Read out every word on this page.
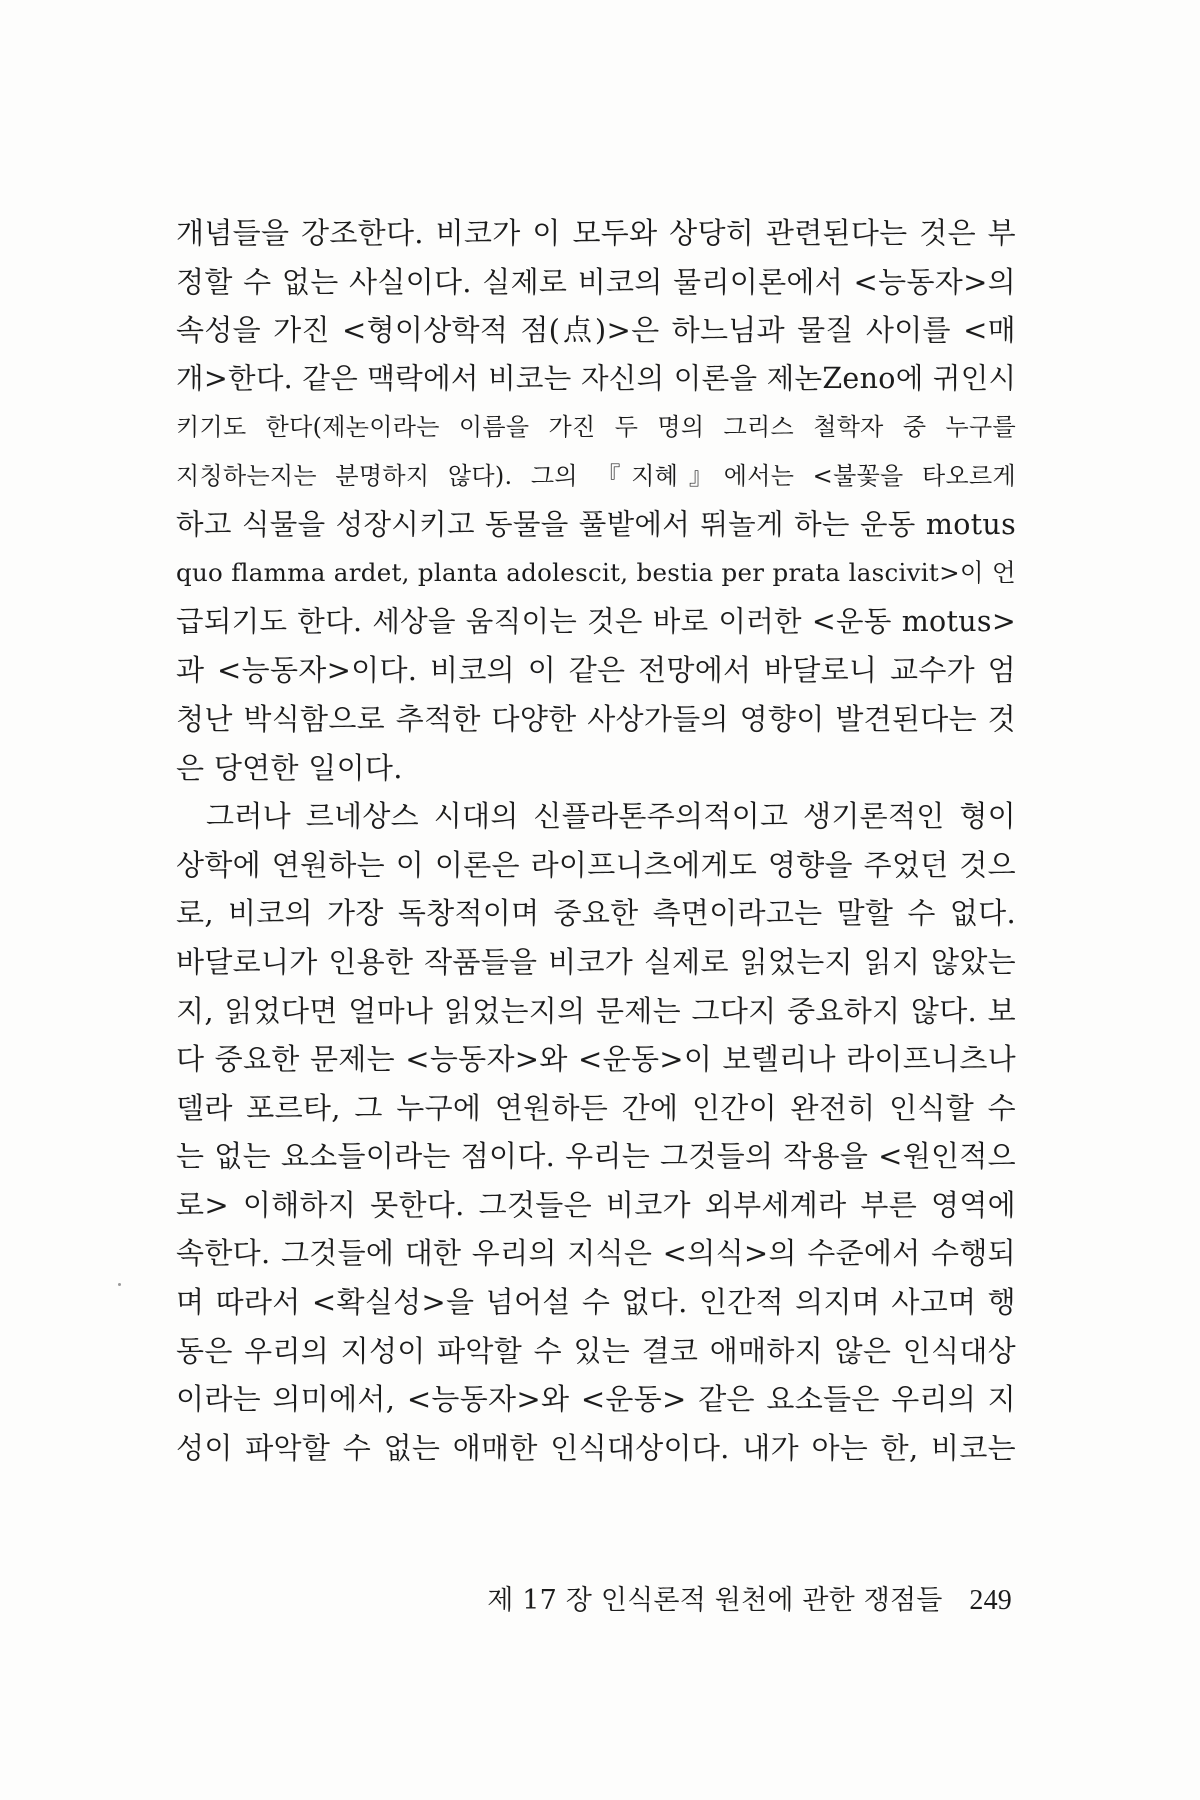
개념들을 강조한다. 비코가 이 모두와 상당히 관련된다는 것은 부
정할 수 없는 사실이다. 실제로 비코의 물리이론에서 <능동자>의
속성을 가진 <형이상학적 점(点)>은 하느님과 물질 사이를 <매
개>한다. 같은 맥락에서 비코는 자신의 이론을 제논Zeno에 귀인시
키기도 한다(제논이라는 이름을 가진 두 명의 그리스 철학자 중 누구를
지칭하는지는 분명하지 않다). 그의 『지혜』에서는 <불꽃을 타오르게
하고 식물을 성장시키고 동물을 풀밭에서 뛰놀게 하는 운동 motus
quo flamma ardet, planta adolescit, bestia per prata lascivit>이 언
급되기도 한다. 세상을 움직이는 것은 바로 이러한 <운동 motus>
과 <능동자>이다. 비코의 이 같은 전망에서 바달로니 교수가 엄
청난 박식함으로 추적한 다양한 사상가들의 영향이 발견된다는 것
은 당연한 일이다.
그러나 르네상스 시대의 신플라톤주의적이고 생기론적인 형이
상학에 연원하는 이 이론은 라이프니츠에게도 영향을 주었던 것으
로, 비코의 가장 독창적이며 중요한 측면이라고는 말할 수 없다.
바달로니가 인용한 작품들을 비코가 실제로 읽었는지 읽지 않았는
지, 읽었다면 얼마나 읽었는지의 문제는 그다지 중요하지 않다. 보
다 중요한 문제는 <능동자>와 <운동>이 보렐리나 라이프니츠나
델라 포르타, 그 누구에 연원하든 간에 인간이 완전히 인식할 수
는 없는 요소들이라는 점이다. 우리는 그것들의 작용을 <원인적으
로> 이해하지 못한다. 그것들은 비코가 외부세계라 부른 영역에
속한다. 그것들에 대한 우리의 지식은 <의식>의 수준에서 수행되
며 따라서 <확실성>을 넘어설 수 없다. 인간적 의지며 사고며 행
동은 우리의 지성이 파악할 수 있는 결코 애매하지 않은 인식대상
이라는 의미에서, <능동자>와 <운동> 같은 요소들은 우리의 지
성이 파악할 수 없는 애매한 인식대상이다. 내가 아는 한, 비코는
제 17 장 인식론적 원천에 관한 쟁점들 249
